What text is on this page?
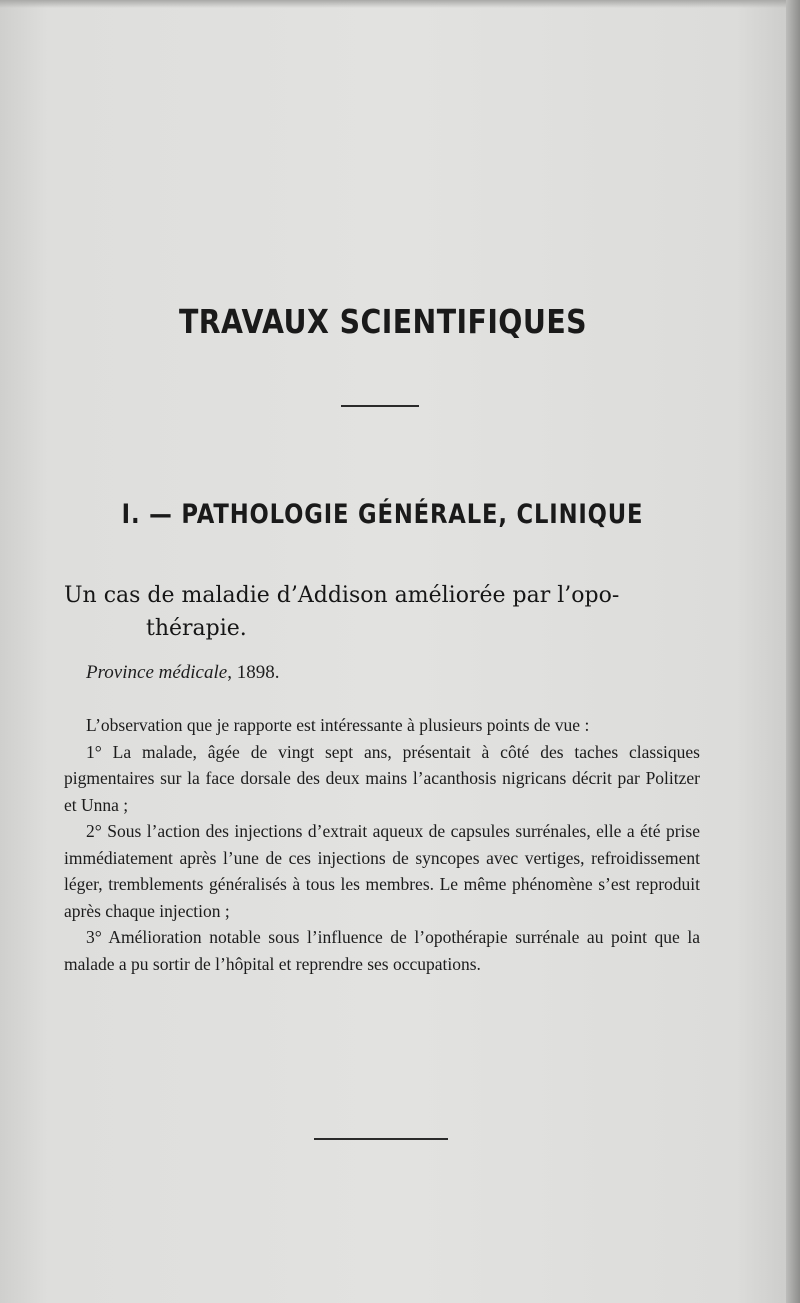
TRAVAUX SCIENTIFIQUES
I. — PATHOLOGIE GÉNÉRALE, CLINIQUE
Un cas de maladie d’Addison améliorée par l’opo-
thérapie.
Province médicale, 1898.

L’observation que je rapporte est intéressante à plusieurs points de vue :

1° La malade, âgée de vingt sept ans, présentait à côté des taches classiques pigmentaires sur la face dorsale des deux mains l’acanthosis nigricans décrit par Politzer et Unna ;

2° Sous l’action des injections d’extrait aqueux de capsules surrénales, elle a été prise immédiatement après l’une de ces injections de syncopes avec vertiges, refroidissement léger, tremblements généralisés à tous les membres. Le même phénomène s’est reproduit après chaque injection ;

3° Amélioration notable sous l’influence de l’opothérapie surrénale au point que la malade a pu sortir de l’hôpital et reprendre ses occupations.
